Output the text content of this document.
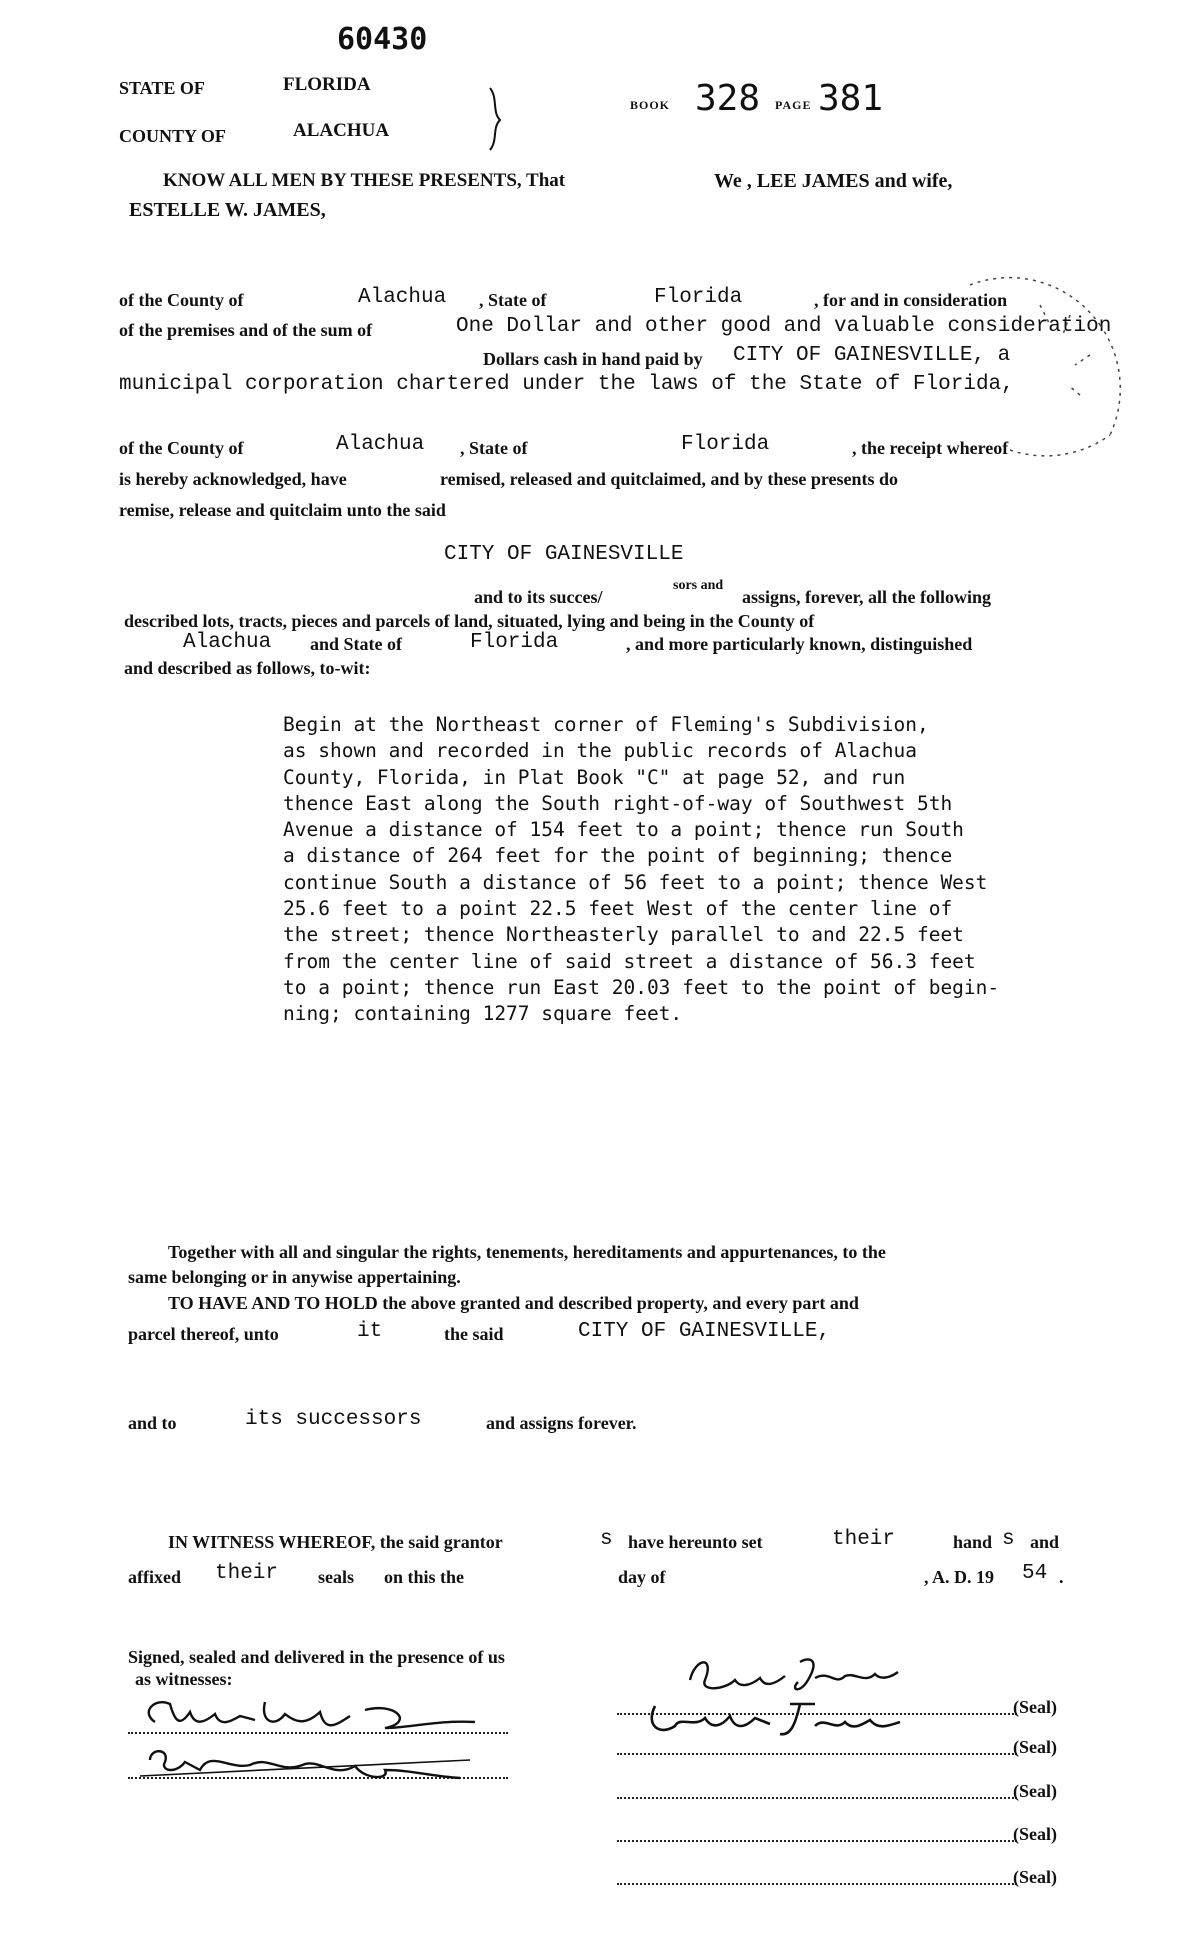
60430
STATE OF	FLORIDA
COUNTY OF	ALACHUA
BOOK 328 PAGE 381
KNOW ALL MEN BY THESE PRESENTS, That	We , LEE JAMES and wife,
ESTELLE W. JAMES,
of the County of	Alachua , State of	Florida	, for and in consideration
of the premises and of the sum of	One Dollar and other good and valuable consideration
Dollars cash in hand paid by CITY OF GAINESVILLE, a
municipal corporation chartered under the laws of the State of Florida,
of the County of	Alachua , State of	Florida	, the receipt whereof
is hereby acknowledged, have	remised, released and quitclaimed, and by these presents do
remise, release and quitclaim unto the said
CITY OF GAINESVILLE
and to its succes/
sors and
assigns, forever, all the following
described lots, tracts, pieces and parcels of land, situated, lying and being in the County of
Alachua and State of	Florida	, and more particularly known, distinguished
and described as follows, to-wit:
Begin at the Northeast corner of Fleming's Subdivision,
as shown and recorded in the public records of Alachua
County, Florida, in Plat Book "C" at page 52, and run
thence East along the South right-of-way of Southwest 5th
Avenue a distance of 154 feet to a point; thence run South
a distance of 264 feet for the point of beginning; thence
continue South a distance of 56 feet to a point; thence West
25.6 feet to a point 22.5 feet West of the center line of
the street; thence Northeasterly parallel to and 22.5 feet
from the center line of said street a distance of 56.3 feet
to a point; thence run East 20.03 feet to the point of begin-
ning; containing 1277 square feet.
Together with all and singular the rights, tenements, hereditaments and appurtenances, to the
same belonging or in anywise appertaining.
TO HAVE AND TO HOLD the above granted and described property, and every part and
parcel thereof, unto	it	the said	CITY OF GAINESVILLE,
and to	its successors	and assigns forever.
IN WITNESS WHEREOF, the said grantor	s have hereunto set	their	hand s and
affixed their seals on this the	day of	, A. D. 19 54 .
Signed, sealed and delivered in the presence of us
as witnesses:
(Seal)
(Seal)
(Seal)
(Seal)
(Seal)
